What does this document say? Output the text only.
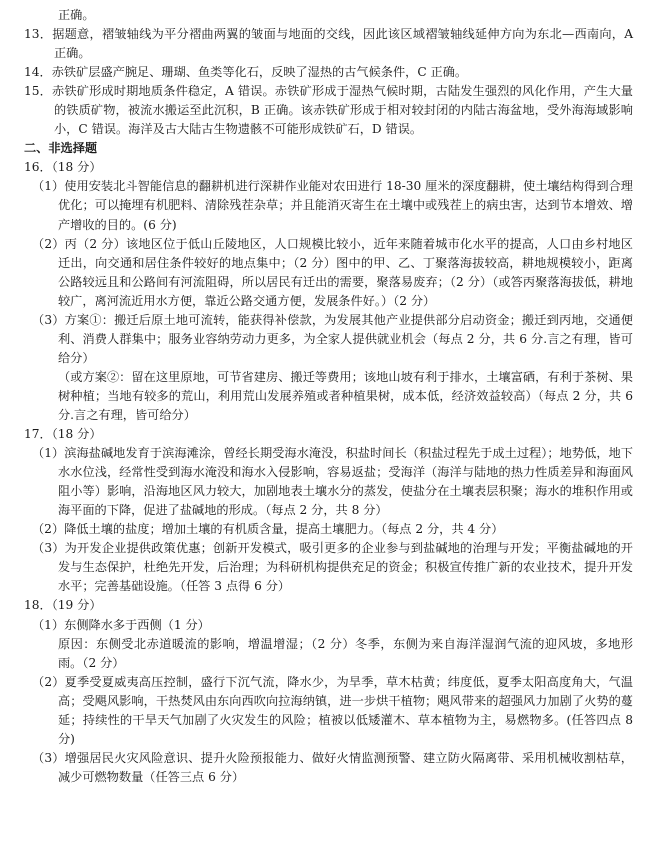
正确。

13．据题意，褶皱轴线为平分褶曲两翼的皱面与地面的交线，因此该区域褶皱轴线延伸方向为东北—西南向，A 正确。

14．赤铁矿层盛产腕足、珊瑚、鱼类等化石，反映了湿热的古气候条件，C 正确。

15．赤铁矿形成时期地质条件稳定，A 错误。赤铁矿形成于湿热气候时期，古陆发生强烈的风化作用，产生大量的铁质矿物，被流水搬运至此沉积，B 正确。该赤铁矿形成于相对较封闭的内陆古海盆地，受外海海域影响小，C 错误。海洋及古大陆古生物遗骸不可能形成铁矿石，D 错误。

二、非选择题

16．（18 分）

（1）使用安装北斗智能信息的翻耕机进行深耕作业能对农田进行 18-30 厘米的深度翻耕，使土壤结构得到合理优化；可以掩埋有机肥料、清除残茬杂草；并且能消灭寄生在土壤中或残茬上的病虫害，达到节本增效、增产增收的目的。(6 分)

（2）丙（2 分）该地区位于低山丘陵地区，人口规模比较小，近年来随着城市化水平的提高，人口由乡村地区迁出，向交通和居住条件较好的地点集中；（2 分）图中的甲、乙、丁聚落海拔较高，耕地规模较小，距离公路较远且和公路间有河流阻碍，所以居民有迁出的需要，聚落易废弃；（2 分）（或答丙聚落海拔低，耕地较广，离河流近用水方便，靠近公路交通方便，发展条件好。）（2 分）

（3）方案①：搬迁后原土地可流转，能获得补偿款，为发展其他产业提供部分启动资金；搬迁到丙地，交通便利、消费人群集中；服务业容纳劳动力更多，为全家人提供就业机会（每点 2 分，共 6 分.言之有理，皆可给分）

（或方案②：留在这里原地，可节省建房、搬迁等费用；该地山坡有利于排水，土壤富硒，有利于茶树、果树种植；当地有较多的荒山，利用荒山发展养殖或者种植果树，成本低，经济效益较高）（每点 2 分，共 6 分.言之有理，皆可给分）

17．（18 分）

（1）滨海盐碱地发育于滨海滩涂，曾经长期受海水淹没，积盐时间长（积盐过程先于成土过程）；地势低，地下水水位浅，经常性受到海水淹没和海水入侵影响，容易返盐；受海洋（海洋与陆地的热力性质差异和海面风阻小等）影响，沿海地区风力较大，加剧地表土壤水分的蒸发，使盐分在土壤表层积聚；海水的堆积作用或海平面的下降，促进了盐碱地的形成。（每点 2 分，共 8 分）

（2）降低土壤的盐度；增加土壤的有机质含量，提高土壤肥力。（每点 2 分，共 4 分）

（3）为开发企业提供政策优惠；创新开发模式，吸引更多的企业参与到盐碱地的治理与开发；平衡盐碱地的开发与生态保护，杜绝先开发，后治理；为科研机构提供充足的资金；积极宣传推广新的农业技术，提升开发水平；完善基础设施。（任答 3 点得 6 分）

18．（19 分）

（1）东侧降水多于西侧（1 分）

原因：东侧受北赤道暖流的影响，增温增湿；（2 分）冬季，东侧为来自海洋湿润气流的迎风坡，多地形雨。（2 分）

（2）夏季受夏威夷高压控制，盛行下沉气流，降水少，为旱季，草木枯黄；纬度低，夏季太阳高度角大，气温高；受飓风影响，干热焚风由东向西吹向拉海纳镇，进一步烘干植物；飓风带来的超强风力加剧了火势的蔓延；持续性的干旱天气加剧了火灾发生的风险；植被以低矮灌木、草本植物为主，易燃物多。(任答四点 8 分)

（3）增强居民火灾风险意识、提升火险预报能力、做好火情监测预警、建立防火隔离带、采用机械收割枯草，减少可燃物数量（任答三点 6 分）
